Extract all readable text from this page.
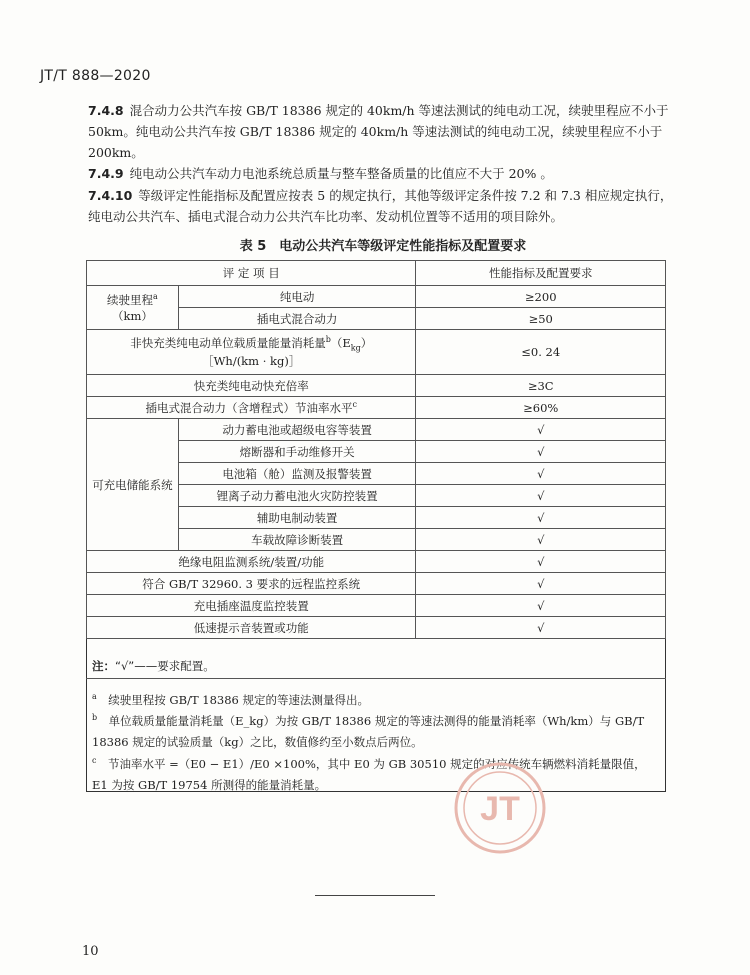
JT/T 888—2020
7.4.8 混合动力公共汽车按 GB/T 18386 规定的 40km/h 等速法测试的纯电动工况，续驶里程应不小于 50km。纯电动公共汽车按 GB/T 18386 规定的 40km/h 等速法测试的纯电动工况，续驶里程应不小于 200km。
7.4.9 纯电动公共汽车动力电池系统总质量与整车整备质量的比值应不大于 20% 。
7.4.10 等级评定性能指标及配置应按表 5 的规定执行，其他等级评定条件按 7.2 和 7.3 相应规定执行，纯电动公共汽车、插电式混合动力公共汽车比功率、发动机位置等不适用的项目除外。
表 5　电动公共汽车等级评定性能指标及配置要求
评 定 项 目		性能指标及配置要求
续驶里程$^a$
（km）	纯电动	≥200
	插电式混合动力	≥50
非快充类纯电动单位载质量能量消耗量$^b(E_{kg})$
［Wh/(km · kg)］		≤0. 24
快充类纯电动快充倍率		≥3C
插电式混合动力（含增程式）节油率水平$^c$		≥60%
可充电储能系统	动力蓄电池或超级电容等装置	√
	熔断器和手动维修开关	√
	电池箱（舱）监测及报警装置	√
	锂离子动力蓄电池火灾防控装置	√
	辅助电制动装置	√
	车载故障诊断装置	√
绝缘电阻监测系统/装置/功能		√
符合 GB/T 32960. 3 要求的远程监控系统		√
充电插座温度监控装置		√
低速提示音装置或功能		√
注：“√”——要求配置。
$^a$　 续驶里程按 GB/T 18386 规定的等速法测量得出。
$^b$　 单位载质量能量消耗量（E_kg）为按 GB/T 18386 规定的等速法测得的能量消耗率（Wh/km）与 GB/T 18386 规定的试验质量（kg）之比，数值修约至小数点后两位。
$^c$　 节油率水平 =（E0 − E1）/E0 ×100%，其中 E0 为 GB 30510 规定的对应传统车辆燃料消耗量限值，E1 为按 GB/T 19754 所测得的能量消耗量。
JT
10
